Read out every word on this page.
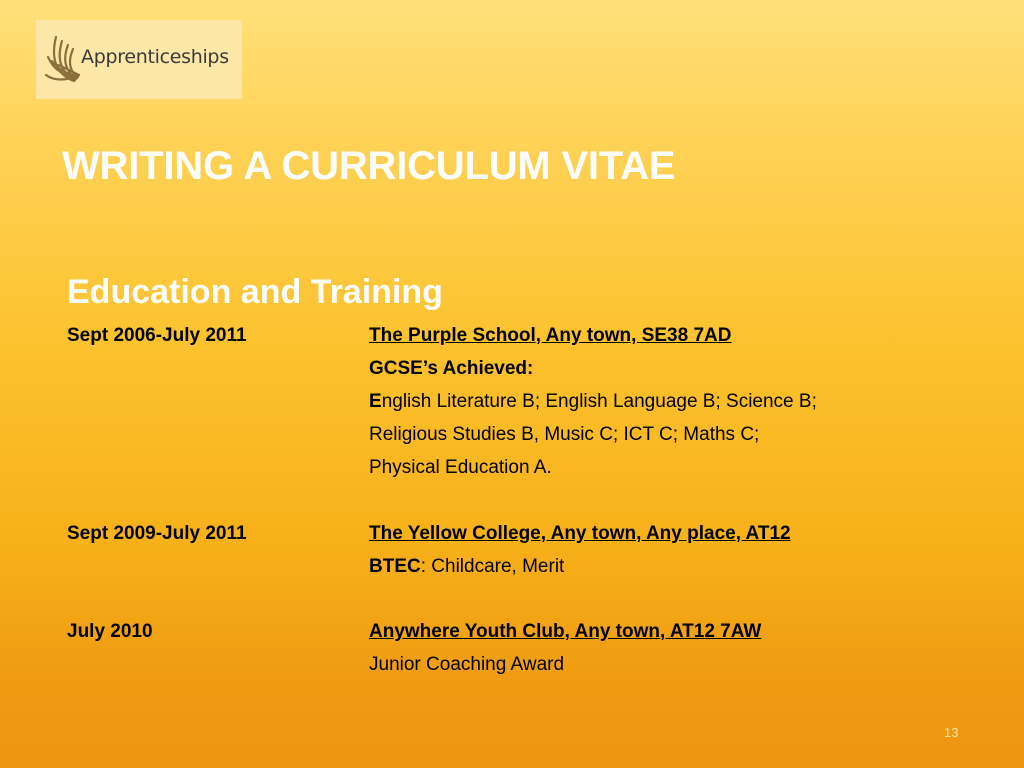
Apprenticeships
WRITING A CURRICULUM VITAE
Education and Training
Sept 2006-July 2011	The Purple School, Any town, SE38 7AD
GCSE’s Achieved:
English Literature B; English Language B; Science B;
Religious Studies B, Music C; ICT C; Maths C;
Physical Education A.
Sept 2009-July 2011	The Yellow College, Any town, Any place, AT12
BTEC: Childcare, Merit
July 2010	Anywhere Youth Club, Any town, AT12 7AW
Junior Coaching Award
13
